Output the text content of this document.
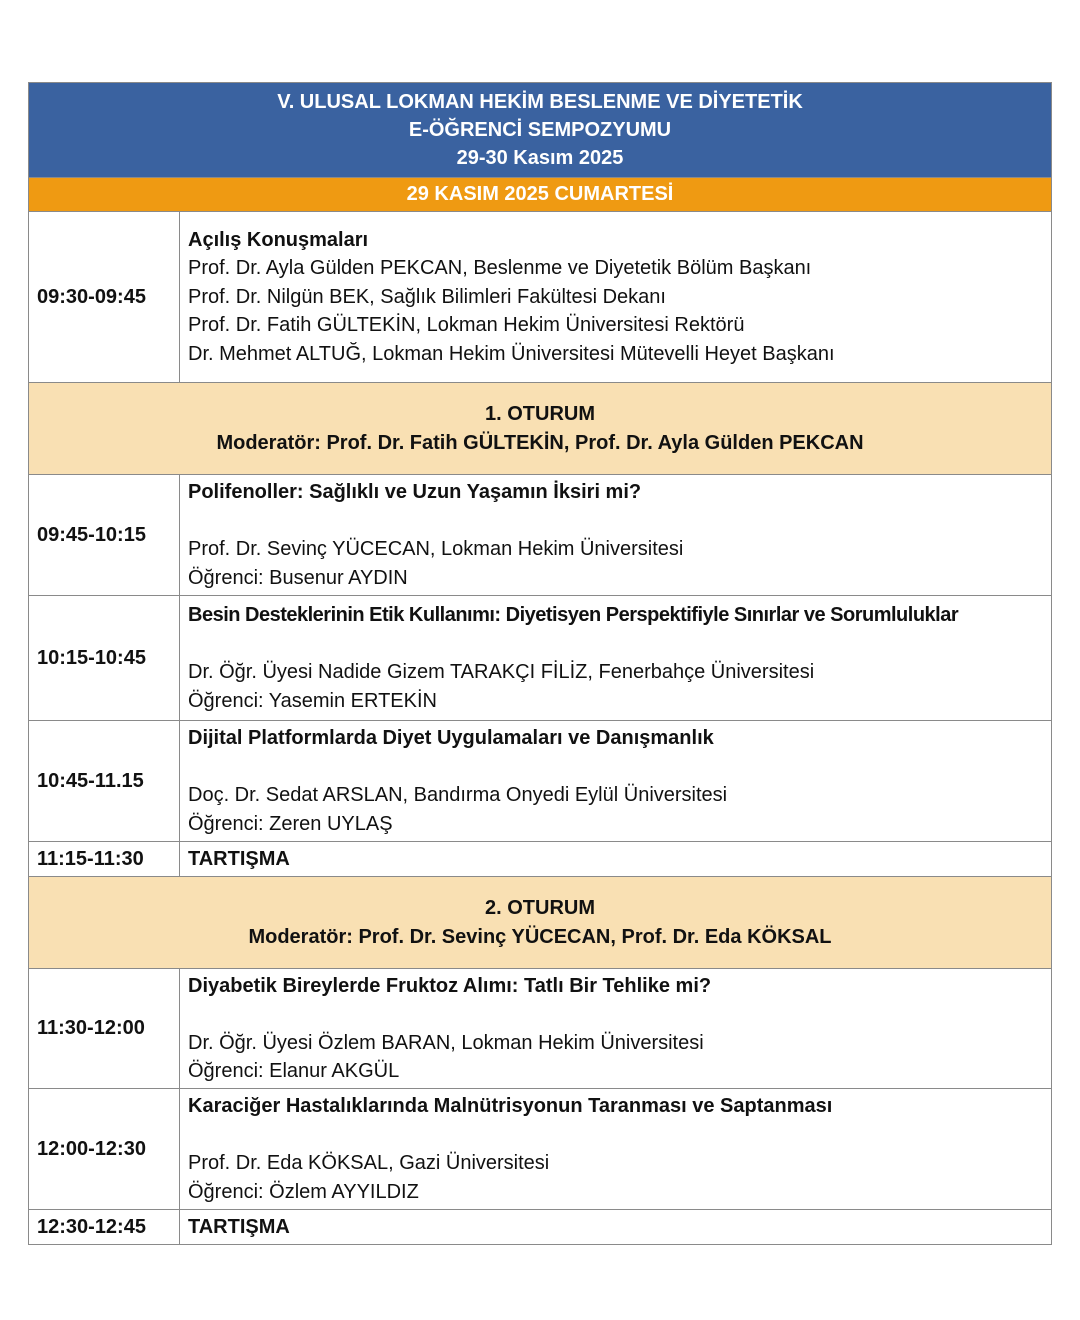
V. ULUSAL LOKMAN HEKİM BESLENME VE DİYETETİK
E-ÖĞRENCİ SEMPOZYUMU
29-30 Kasım 2025	

29 KASIM 2025 CUMARTESİ	
09:30-09:45	Açılış Konuşmaları
Prof. Dr. Ayla Gülden PEKCAN, Beslenme ve Diyetetik Bölüm Başkanı
Prof. Dr. Nilgün BEK, Sağlık Bilimleri Fakültesi Dekanı
Prof. Dr. Fatih GÜLTEKİN, Lokman Hekim Üniversitesi Rektörü
Dr. Mehmet ALTUĞ, Lokman Hekim Üniversitesi Mütevelli Heyet Başkanı

1. OTURUM
Moderatör: Prof. Dr. Fatih GÜLTEKİN, Prof. Dr. Ayla Gülden PEKCAN	

09:45-10:15	Polifenoller: Sağlıklı ve Uzun Yaşamın İksiri mi?
Prof. Dr. Sevinç YÜCECAN, Lokman Hekim Üniversitesi
Öğrenci: Busenur AYDIN

10:15-10:45	Besin Desteklerinin Etik Kullanımı: Diyetisyen Perspektifiyle Sınırlar ve Sorumluluklar
Dr. Öğr. Üyesi Nadide Gizem TARAKÇI FİLİZ, Fenerbahçe Üniversitesi
Öğrenci: Yasemin ERTEKİN

10:45-11.15	Dijital Platformlarda Diyet Uygulamaları ve Danışmanlık
Doç. Dr. Sedat ARSLAN, Bandırma Onyedi Eylül Üniversitesi
Öğrenci: Zeren UYLAŞ

11:15-11:30	TARTIŞMA

2. OTURUM
Moderatör: Prof. Dr. Sevinç YÜCECAN, Prof. Dr. Eda KÖKSAL	

11:30-12:00	Diyabetik Bireylerde Fruktoz Alımı: Tatlı Bir Tehlike mi?
Dr. Öğr. Üyesi Özlem BARAN, Lokman Hekim Üniversitesi
Öğrenci: Elanur AKGÜL

12:00-12:30	Karaciğer Hastalıklarında Malnütrisyonun Taranması ve Saptanması
Prof. Dr. Eda KÖKSAL, Gazi Üniversitesi
Öğrenci: Özlem AYYILDIZ

12:30-12:45	TARTIŞMA
